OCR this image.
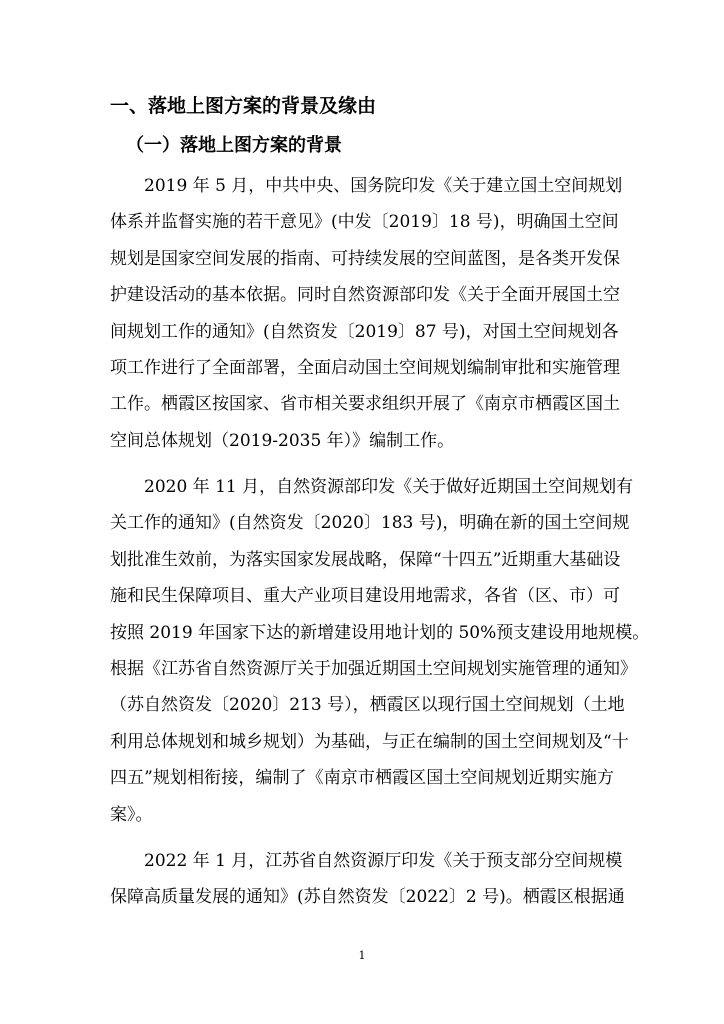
一、落地上图方案的背景及缘由
（一）落地上图方案的背景
2019 年 5 月，中共中央、国务院印发《关于建立国土空间规划
体系并监督实施的若干意见》(中发〔2019〕18 号)，明确国土空间
规划是国家空间发展的指南、可持续发展的空间蓝图，是各类开发保
护建设活动的基本依据。同时自然资源部印发《关于全面开展国土空
间规划工作的通知》(自然资发〔2019〕87 号)，对国土空间规划各
项工作进行了全面部署，全面启动国土空间规划编制审批和实施管理
工作。栖霞区按国家、省市相关要求组织开展了《南京市栖霞区国土
空间总体规划（2019-2035 年）》编制工作。
2020 年 11 月，自然资源部印发《关于做好近期国土空间规划有
关工作的通知》(自然资发〔2020〕183 号)，明确在新的国土空间规
划批准生效前，为落实国家发展战略，保障“十四五”近期重大基础设
施和民生保障项目、重大产业项目建设用地需求，各省（区、市）可
按照 2019 年国家下达的新增建设用地计划的 50%预支建设用地规模。
根据《江苏省自然资源厅关于加强近期国土空间规划实施管理的通知》
（苏自然资发〔2020〕213 号），栖霞区以现行国土空间规划（土地
利用总体规划和城乡规划）为基础，与正在编制的国土空间规划及“十
四五”规划相衔接，编制了《南京市栖霞区国土空间规划近期实施方
案》。
2022 年 1 月，江苏省自然资源厅印发《关于预支部分空间规模
保障高质量发展的通知》(苏自然资发〔2022〕2 号)。栖霞区根据通
1
